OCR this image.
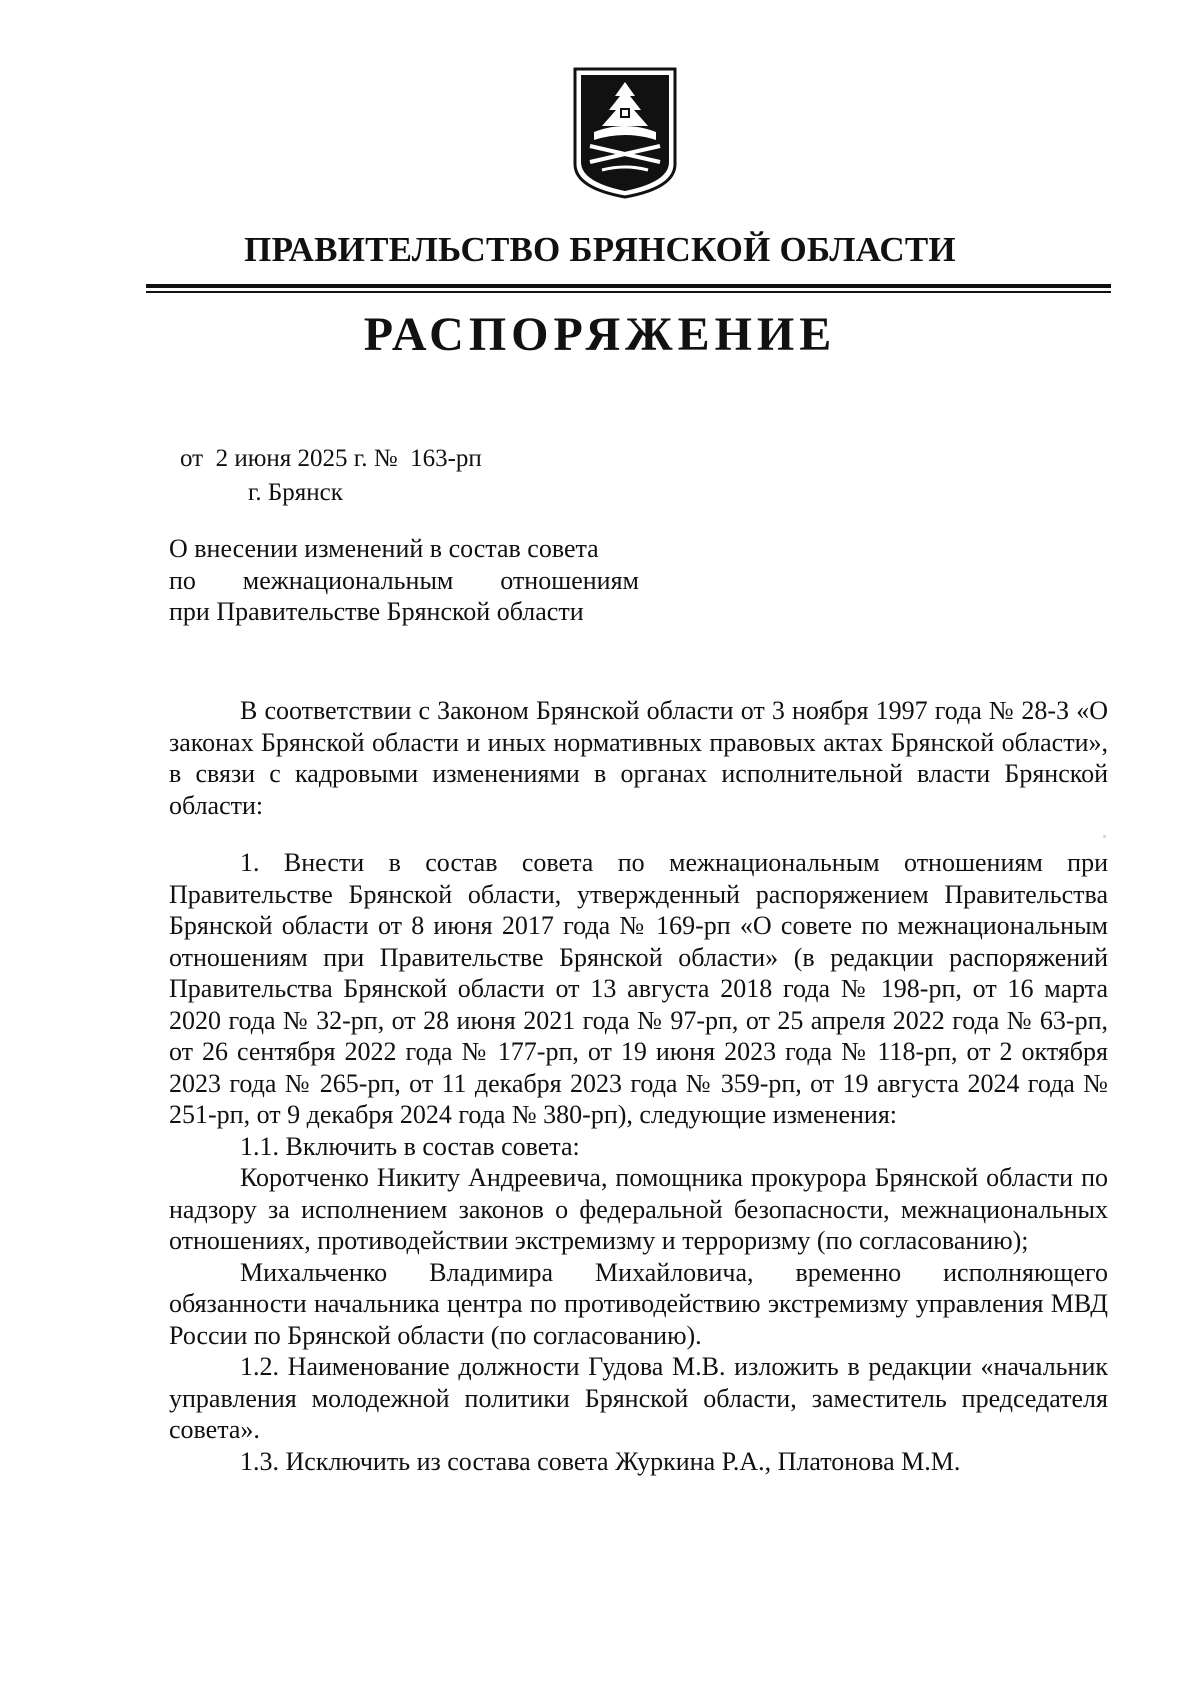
ПРАВИТЕЛЬСТВО БРЯНСКОЙ ОБЛАСТИ
РАСПОРЯЖЕНИЕ
от  2 июня 2025 г. №  163-рп
г. Брянск
О внесении изменений в состав совета
по межнациональным отношениям
при Правительстве Брянской области

В соответствии с Законом Брянской области от 3 ноября 1997 года № 28-З «О законах Брянской области и иных нормативных правовых актах Брянской области», в связи с кадровыми изменениями в органах исполнительной власти Брянской области:

1. Внести в состав совета по межнациональным отношениям при Правительстве Брянской области, утвержденный распоряжением Правительства Брянской области от 8 июня 2017 года № 169-рп «О совете по межнациональным отношениям при Правительстве Брянской области» (в редакции распоряжений Правительства Брянской области от 13 августа 2018 года № 198-рп, от 16 марта 2020 года № 32-рп, от 28 июня 2021 года № 97-рп, от 25 апреля 2022 года № 63-рп, от 26 сентября 2022 года № 177-рп, от 19 июня 2023 года № 118-рп, от 2 октября 2023 года № 265-рп, от 11 декабря 2023 года № 359-рп, от 19 августа 2024 года № 251-рп, от 9 декабря 2024 года № 380-рп), следующие изменения:

1.1. Включить в состав совета:

Коротченко Никиту Андреевича, помощника прокурора Брянской области по надзору за исполнением законов о федеральной безопасности, межнациональных отношениях, противодействии экстремизму и терроризму (по согласованию);

Михальченко Владимира Михайловича, временно исполняющего обязанности начальника центра по противодействию экстремизму управления МВД России по Брянской области (по согласованию).

1.2. Наименование должности Гудова М.В. изложить в редакции «начальник управления молодежной политики Брянской области, заместитель председателя совета».

1.3. Исключить из состава совета Журкина Р.А., Платонова М.М.
